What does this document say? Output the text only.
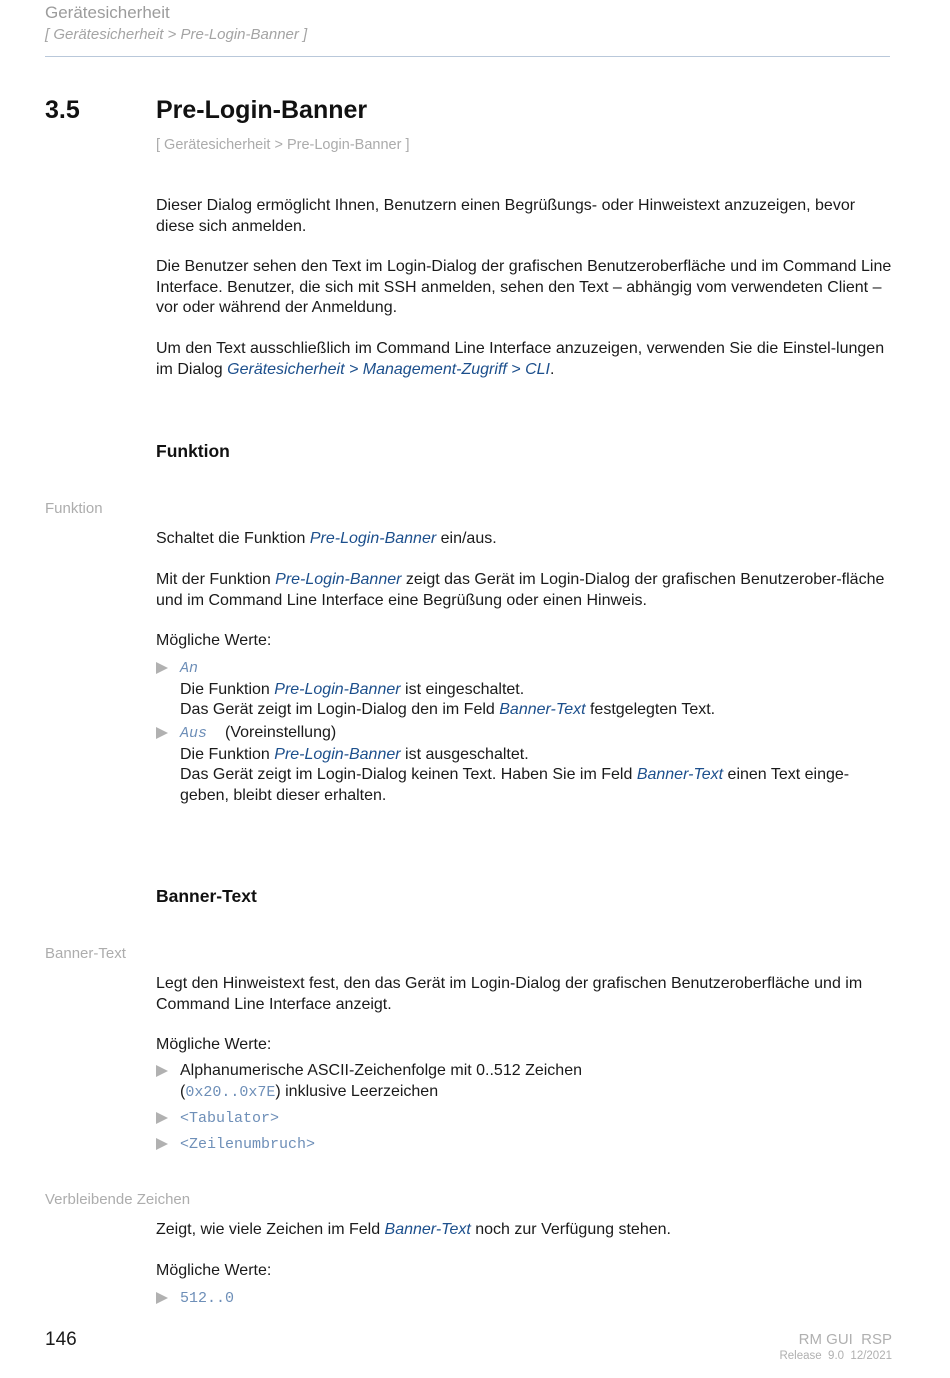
Gerätesicherheit
[ Gerätesicherheit > Pre-Login-Banner ]
3.5	Pre-Login-Banner
[ Gerätesicherheit > Pre-Login-Banner ]

Dieser Dialog ermöglicht Ihnen, Benutzern einen Begrüßungs- oder Hinweistext anzuzeigen, bevor diese sich anmelden.

Die Benutzer sehen den Text im Login-Dialog der grafischen Benutzeroberfläche und im Command Line Interface. Benutzer, die sich mit SSH anmelden, sehen den Text – abhängig vom verwendeten Client – vor oder während der Anmeldung.

Um den Text ausschließlich im Command Line Interface anzuzeigen, verwenden Sie die Einstel-lungen im Dialog Gerätesicherheit > Management-Zugriff > CLI.

Funktion
Funktion

Schaltet die Funktion Pre-Login-Banner ein/aus.

Mit der Funktion Pre-Login-Banner zeigt das Gerät im Login-Dialog der grafischen Benutzerober-fläche und im Command Line Interface eine Begrüßung oder einen Hinweis.

Mögliche Werte:

An
Die Funktion Pre-Login-Banner ist eingeschaltet.
Das Gerät zeigt im Login-Dialog den im Feld Banner-Text festgelegten Text.
Aus (Voreinstellung)
Die Funktion Pre-Login-Banner ist ausgeschaltet.
Das Gerät zeigt im Login-Dialog keinen Text. Haben Sie im Feld Banner-Text einen Text einge-geben, bleibt dieser erhalten.
Banner-Text
Banner-Text

Legt den Hinweistext fest, den das Gerät im Login-Dialog der grafischen Benutzeroberfläche und im Command Line Interface anzeigt.

Mögliche Werte:

Alphanumerische ASCII-Zeichenfolge mit 0..512 Zeichen
(0x20..0x7E) inklusive Leerzeichen
<Tabulator>
<Zeilenumbruch>
Verbleibende Zeichen

Zeigt, wie viele Zeichen im Feld Banner-Text noch zur Verfügung stehen.

Mögliche Werte:

512..0
146	RM GUI  RSP
Release  9.0  12/2021
